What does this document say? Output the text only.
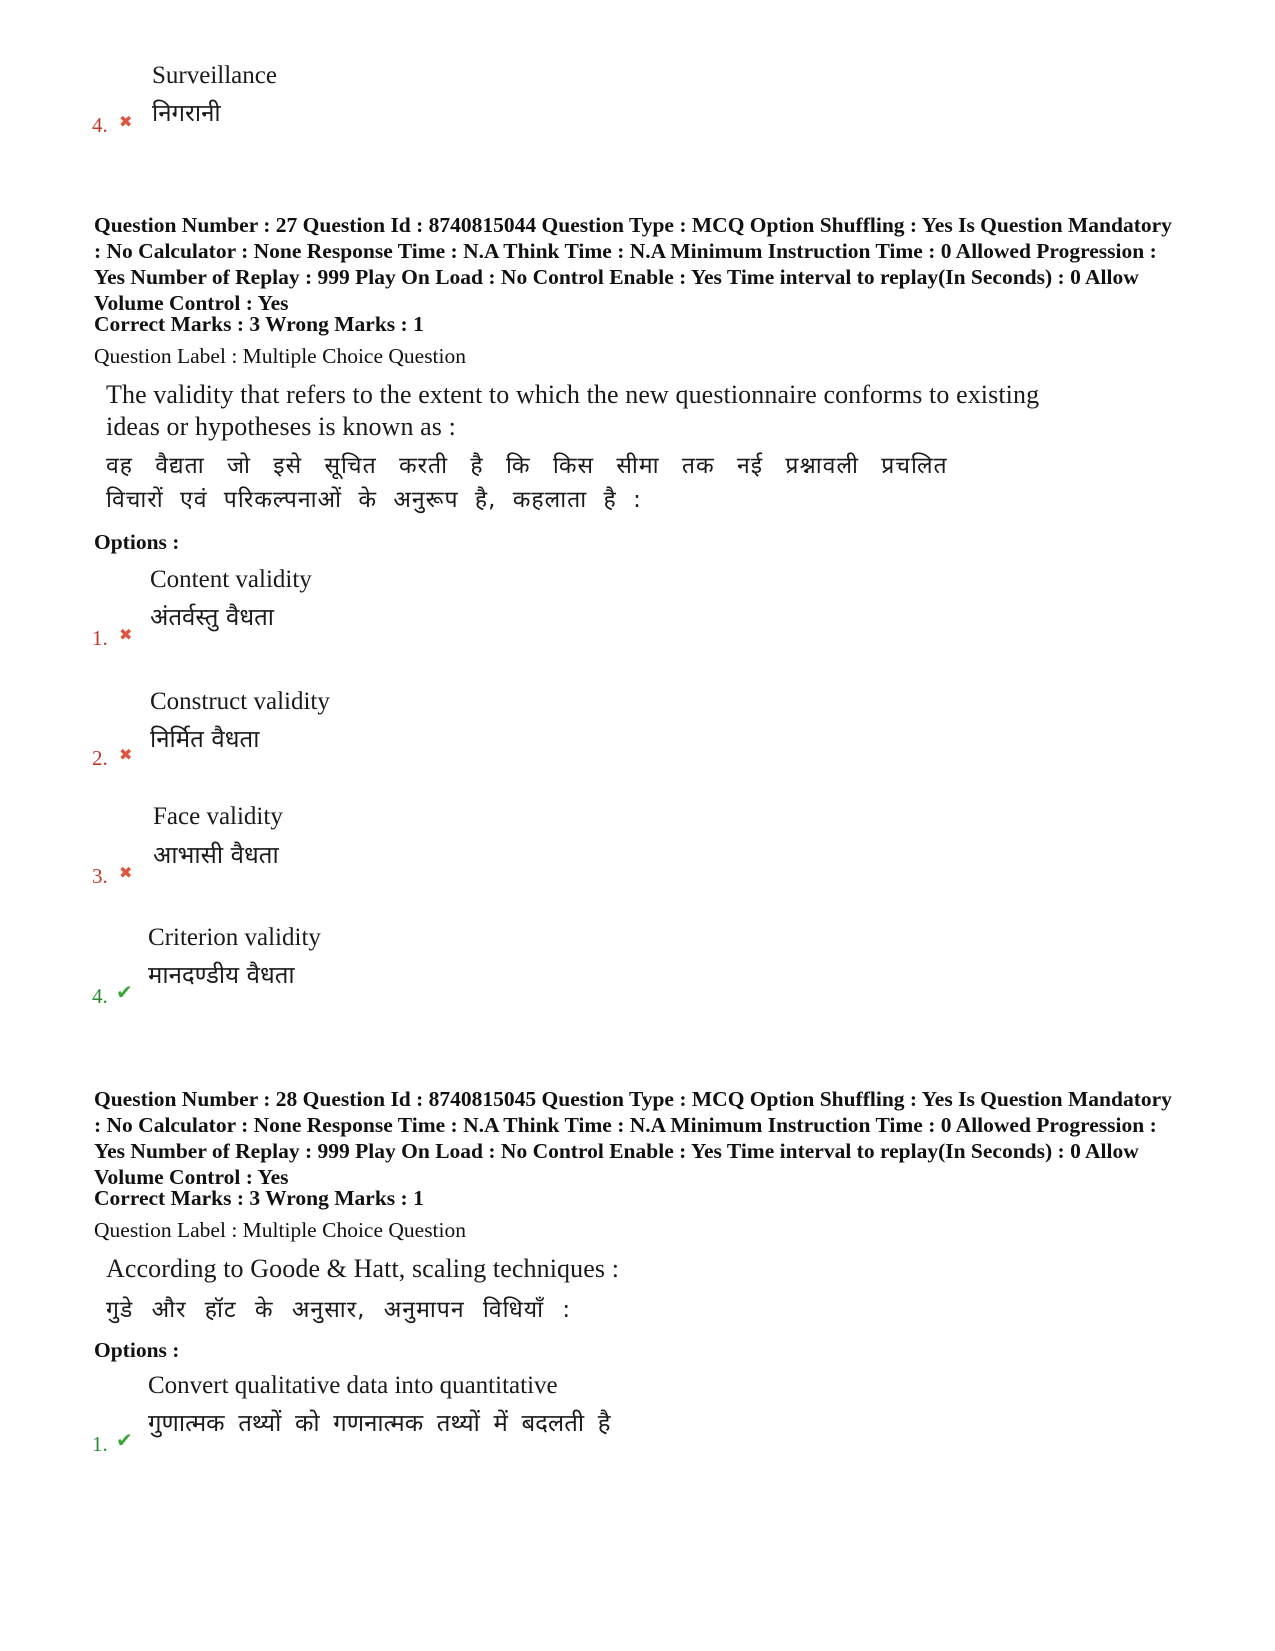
Surveillance
निगरानी
4. ✖
Question Number : 27 Question Id : 8740815044 Question Type : MCQ Option Shuffling : Yes Is Question Mandatory : No Calculator : None Response Time : N.A Think Time : N.A Minimum Instruction Time : 0 Allowed Progression : Yes Number of Replay : 999 Play On Load : No Control Enable : Yes Time interval to replay(In Seconds) : 0 Allow Volume Control : Yes
Correct Marks : 3 Wrong Marks : 1
Question Label : Multiple Choice Question
The validity that refers to the extent to which the new questionnaire conforms to existing
ideas or hypotheses is known as :
वह वैद्यता जो इसे सूचित करती है कि किस सीमा तक नई प्रश्नावली प्रचलित
विचारों एवं परिकल्पनाओं के अनुरूप है, कहलाता है :
Options :
Content validity
अंतर्वस्तु वैधता
1. ✖
Construct validity
निर्मित वैधता
2. ✖
Face validity
आभासी वैधता
3. ✖
Criterion validity
मानदण्डीय वैधता
4. ✔
Question Number : 28 Question Id : 8740815045 Question Type : MCQ Option Shuffling : Yes Is Question Mandatory : No Calculator : None Response Time : N.A Think Time : N.A Minimum Instruction Time : 0 Allowed Progression : Yes Number of Replay : 999 Play On Load : No Control Enable : Yes Time interval to replay(In Seconds) : 0 Allow Volume Control : Yes
Correct Marks : 3 Wrong Marks : 1
Question Label : Multiple Choice Question
According to Goode & Hatt, scaling techniques :
गुडे और हॉट के अनुसार, अनुमापन विधियाँ :
Options :
Convert qualitative data into quantitative
गुणात्मक तथ्यों को गणनात्मक तथ्यों में बदलती है
1. ✔
